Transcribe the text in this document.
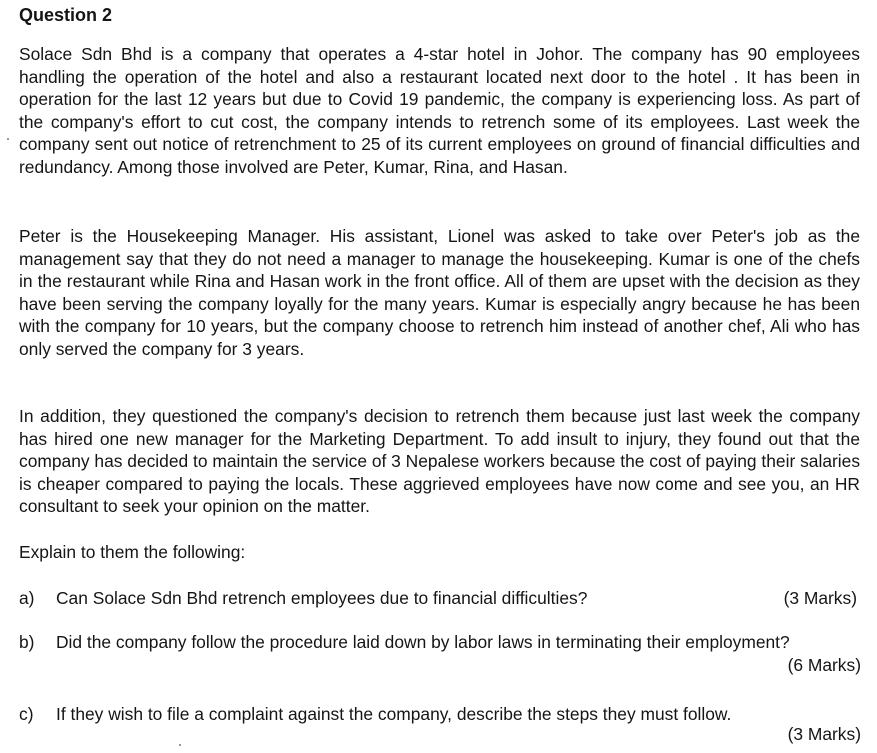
Question 2

Solace Sdn Bhd is a company that operates a 4-star hotel in Johor. The company has 90 employees handling the operation of the hotel and also a restaurant located next door to the hotel . It has been in operation for the last 12 years but due to Covid 19 pandemic, the company is experiencing loss. As part of the company's effort to cut cost, the company intends to retrench some of its employees. Last week the company sent out notice of retrenchment to 25 of its current employees on ground of financial difficulties and redundancy. Among those involved are Peter, Kumar, Rina, and Hasan.

Peter is the Housekeeping Manager. His assistant, Lionel was asked to take over Peter's job as the management say that they do not need a manager to manage the housekeeping. Kumar is one of the chefs in the restaurant while Rina and Hasan work in the front office. All of them are upset with the decision as they have been serving the company loyally for the many years. Kumar is especially angry because he has been with the company for 10 years, but the company choose to retrench him instead of another chef, Ali who has only served the company for 3 years.

In addition, they questioned the company's decision to retrench them because just last week the company has hired one new manager for the Marketing Department. To add insult to injury, they found out that the company has decided to maintain the service of 3 Nepalese workers because the cost of paying their salaries is cheaper compared to paying the locals. These aggrieved employees have now come and see you, an HR consultant to seek your opinion on the matter.

Explain to them the following:

a) Can Solace Sdn Bhd retrench employees due to financial difficulties?	(3 Marks)
b) Did the company follow the procedure laid down by labor laws in terminating their employment?
(6 Marks)
c) If they wish to file a complaint against the company, describe the steps they must follow.
(3 Marks)
